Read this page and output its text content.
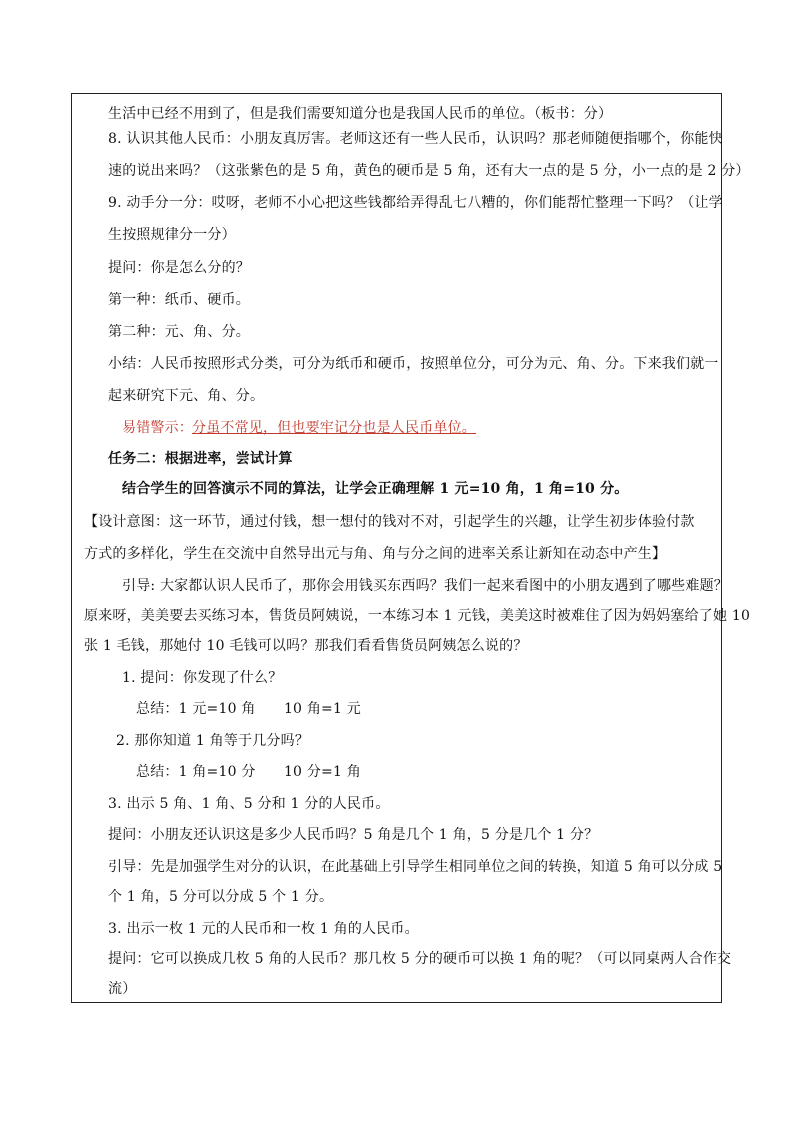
生活中已经不用到了，但是我们需要知道分也是我国人民币的单位。（板书：分）
8. 认识其他人民币：小朋友真厉害。老师这还有一些人民币，认识吗？那老师随便指哪个，你能快
速的说出来吗？（这张紫色的是 5 角，黄色的硬币是 5 角，还有大一点的是 5 分，小一点的是 2 分）
9. 动手分一分：哎呀，老师不小心把这些钱都给弄得乱七八糟的，你们能帮忙整理一下吗？（让学
生按照规律分一分）
提问：你是怎么分的？
第一种：纸币、硬币。
第二种：元、角、分。
小结：人民币按照形式分类，可分为纸币和硬币，按照单位分，可分为元、角、分。下来我们就一
起来研究下元、角、分。
易错警示： 分虽不常见，但也要牢记分也是人民币单位。
任务二：根据进率，尝试计算
结合学生的回答演示不同的算法，让学会正确理解 1 元=10 角，1 角=10 分。
【设计意图：这一环节，通过付钱，想一想付的钱对不对，引起学生的兴趣，让学生初步体验付款
方式的多样化，学生在交流中自然导出元与角、角与分之间的进率关系让新知在动态中产生】
引导: 大家都认识人民币了，那你会用钱买东西吗？我们一起来看图中的小朋友遇到了哪些难题？
原来呀，美美要去买练习本，售货员阿姨说，一本练习本 1 元钱，美美这时被难住了因为妈妈塞给了她 10
张 1 毛钱，那她付 10 毛钱可以吗？那我们看看售货员阿姨怎么说的？
1. 提问：你发现了什么？
总结：1 元=10 角　　10 角=1 元
2. 那你知道 1 角等于几分吗？
总结：1 角=10 分　　10 分=1 角
3. 出示 5 角、1 角、5 分和 1 分的人民币。
提问：小朋友还认识这是多少人民币吗？5 角是几个 1 角，5 分是几个 1 分？
引导：先是加强学生对分的认识，在此基础上引导学生相同单位之间的转换，知道 5 角可以分成 5
个 1 角，5 分可以分成 5 个 1 分。
3. 出示一枚 1 元的人民币和一枚 1 角的人民币。
提问：它可以换成几枚 5 角的人民币？那几枚 5 分的硬币可以换 1 角的呢？（可以同桌两人合作交
流）
